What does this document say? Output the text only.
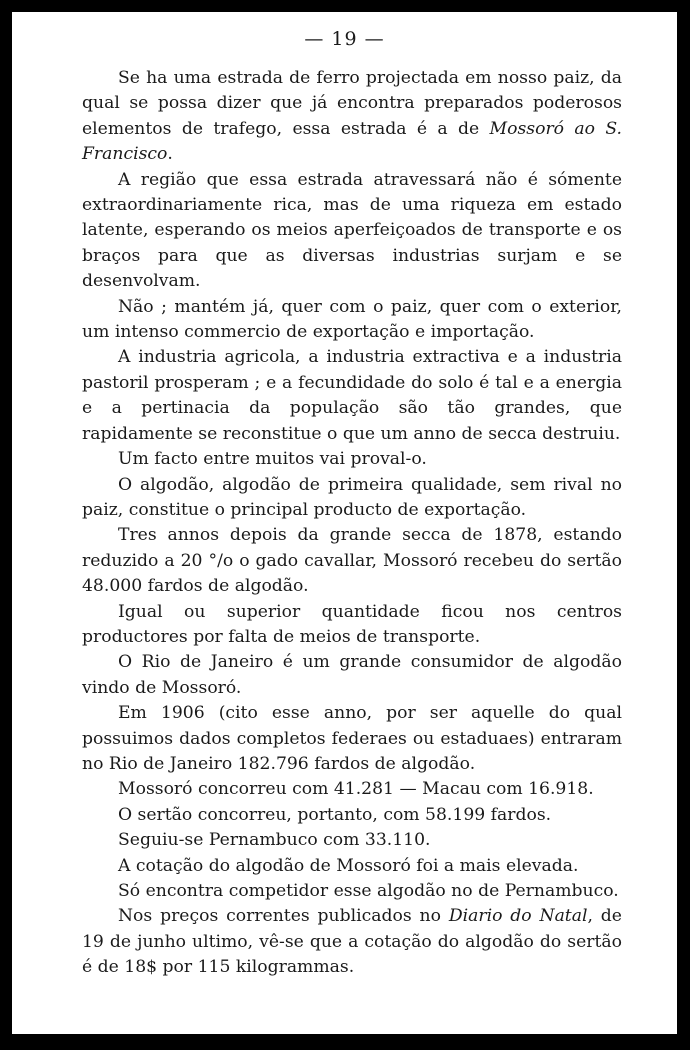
— 19 —

Se ha uma estrada de ferro projectada em nosso paiz, da qual se possa dizer que já encontra preparados poderosos elementos de trafego, essa estrada é a de Mossoró ao S. Francisco.

A região que essa estrada atravessará não é sómente extraordinariamente rica, mas de uma riqueza em estado latente, esperando os meios aperfeiçoados de transporte e os braços para que as diversas industrias surjam e se desenvolvam.

Não ; mantém já, quer com o paiz, quer com o exterior, um intenso commercio de exportação e importação.

A industria agricola, a industria extractiva e a industria pastoril prosperam ; e a fecundidade do solo é tal e a energia e a pertinacia da população são tão grandes, que rapidamente se reconstitue o que um anno de secca destruiu.

Um facto entre muitos vai proval-o.

O algodão, algodão de primeira qualidade, sem rival no paiz, constitue o principal producto de exportação.

Tres annos depois da grande secca de 1878, estando reduzido a 20 °/o o gado cavallar, Mossoró recebeu do sertão 48.000 fardos de algodão.

Igual ou superior quantidade ficou nos centros productores por falta de meios de transporte.

O Rio de Janeiro é um grande consumidor de algodão vindo de Mossoró.

Em 1906 (cito esse anno, por ser aquelle do qual possuimos dados completos federaes ou estaduaes) entraram no Rio de Janeiro 182.796 fardos de algodão.

Mossoró concorreu com 41.281 — Macau com 16.918.

O sertão concorreu, portanto, com 58.199 fardos.

Seguiu-se Pernambuco com 33.110.

A cotação do algodão de Mossoró foi a mais elevada.

Só encontra competidor esse algodão no de Pernambuco.

Nos preços correntes publicados no Diario do Natal, de 19 de junho ultimo, vê-se que a cotação do algodão do sertão é de 18$ por 115 kilogrammas.
